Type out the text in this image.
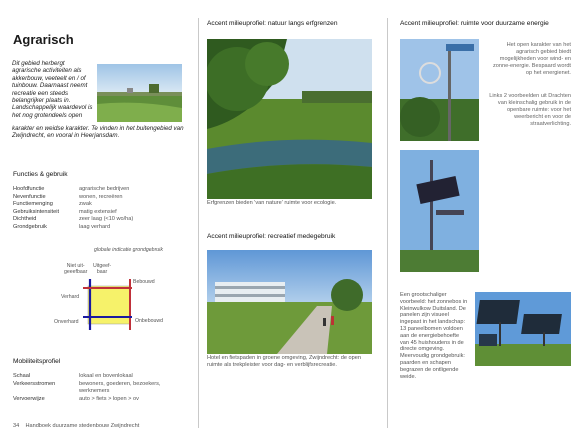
Agrarisch
Dit gebied herbergt agrarische activiteiten als akkerbouw, veeteelt en / of tuinbouw. Daarnaast neemt recreatie een steeds belangrijker plaats in. Landschappelijk waardevol is het nog grotendeels open
karakter en weidse karakter. Te vinden in het buitengebied van Zwijndrecht, en vooral in Heerjansdam.
Functies & gebruik
Hoofdfunctie	agrarische bedrijven
Nevenfunctie	wonen, recreëren
Functiemenging	zwak
Gebruiksintensiteit	matig extensief
Dichtheid	zeer laag (<10 wo/ha)
Grondgebruik	laag verhard
globale indicatie grondgebruik
Niet uit-
geeefbaar
Uitgeef-
baar
Bebouwd
Verhard
Onverhard	Onbebouwd
Mobiliteitsprofiel
Schaal	lokaal en bovenlokaal
Verkeersstromen	bewoners, goederen, bezoekers,
werknemers
Vervoerwijze	auto > fiets > lopen > ov
34    Handboek duurzame stedenbouw Zwijndrecht
Accent milieuprofiel: natuur langs erfgrenzen
Erfgrenzen bieden 'van nature' ruimte voor ecologie.
Accent milieuprofiel: recreatief medegebruik
Hotel en fietspaden in groene omgeving, Zwijndrecht: de open ruimte als trekpleister voor dag- en verblijfsrecreatie.
Accent milieuprofiel: ruimte voor duurzame energie
Het open karakter van het agrarisch gebied biedt mogelijkheden voor wind- en zonne-energie. Bespaard wordt op het energienet.
Links 2 voorbeelden uit Drachten van kleinschalig gebruik in de openbare ruimte: voor het weerbericht en voor de straatverlichting.
Een grootschaliger voorbeeld: het zonnebos in Kleinwulkow Duitsland. De panelen zijn visueel ingepast in het landschap: 13 paneelbomen voldoen aan de energiebehoefte van 45 huishoudens in de directe omgeving. Meervoudig grondgebruik: paarden en schapen begrazen de ontligende weide.
